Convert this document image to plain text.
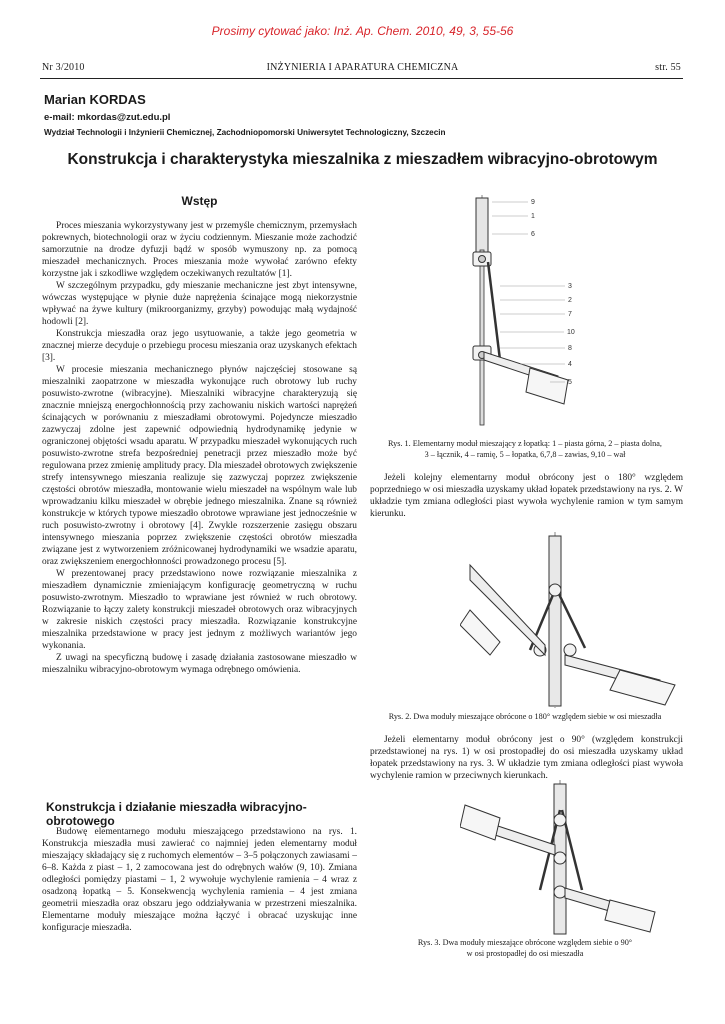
Prosimy cytować jako: Inż. Ap. Chem. 2010, 49, 3, 55-56
Nr 3/2010	INŻYNIERIA I APARATURA CHEMICZNA	str. 55
Marian KORDAS
e-mail: mkordas@zut.edu.pl
Wydział Technologii i Inżynierii Chemicznej, Zachodniopomorski Uniwersytet Technologiczny, Szczecin
Konstrukcja i charakterystyka mieszalnika z mieszadłem wibracyjno-obrotowym
Wstęp

Proces mieszania wykorzystywany jest w przemyśle chemicznym, przemysłach pokrewnych, biotechnologii oraz w życiu codziennym. Mieszanie może zachodzić samorzutnie na drodze dyfuzji bądź w sposób wymuszony np. za pomocą mieszadeł mechanicznych. Proces mieszania może wywołać zarówno efekty korzystne jak i szkodliwe względem oczekiwanych rezultatów [1].

W szczególnym przypadku, gdy mieszanie mechaniczne jest zbyt intensywne, wówczas występujące w płynie duże naprężenia ścinające mogą niekorzystnie wpływać na żywe kultury (mikroorganizmy, grzyby) powodując małą wydajność hodowli [2].

Konstrukcja mieszadła oraz jego usytuowanie, a także jego geometria w znacznej mierze decyduje o przebiegu procesu mieszania oraz uzyskanych efektach [3].

W procesie mieszania mechanicznego płynów najczęściej stosowane są mieszalniki zaopatrzone w mieszadła wykonujące ruch obrotowy lub ruchy posuwisto-zwrotne (wibracyjne). Mieszalniki wibracyjne charakteryzują się znacznie mniejszą energochłonnością przy zachowaniu niskich wartości naprężeń ścinających w porównaniu z mieszadłami obrotowymi. Pojedyncze mieszadło zazwyczaj zdolne jest zapewnić odpowiednią hydrodynamikę jedynie w ograniczonej objętości wsadu aparatu. W przypadku mieszadeł wykonujących ruch posuwisto-zwrotne strefa bezpośredniej penetracji przez mieszadło może być regulowana przez zmienię amplitudy pracy. Dla mieszadeł obrotowych zwiększenie strefy intensywnego mieszania realizuje się zazwyczaj poprzez zwiększenie częstości obrotów mieszadła, montowanie wielu mieszadeł na wspólnym wale lub wprowadzaniu kilku mieszadeł w obrębie jednego mieszalnika. Znane są również konstrukcje w których typowe mieszadło obrotowe wprawiane jest jednocześnie w ruch posuwisto-zwrotny i obrotowy [4]. Zwykle rozszerzenie zasięgu obszaru intensywnego mieszania poprzez zwiększenie częstości obrotów mieszadła związane jest z wytworzeniem zróżnicowanej hydrodynamiki we wsadzie aparatu, oraz zwiększeniem energochłonności prowadzonego procesu [5].

W prezentowanej pracy przedstawiono nowe rozwiązanie mieszalnika z mieszadłem dynamicznie zmieniającym konfigurację geometryczną w ruchu posuwisto-zwrotnym. Mieszadło to wprawiane jest również w ruch obrotowy. Rozwiązanie to łączy zalety konstrukcji mieszadeł obrotowych oraz wibracyjnych w zakresie niskich częstości pracy mieszadła. Rozwiązanie konstrukcyjne mieszalnika przedstawione w pracy jest jednym z możliwych wariantów jego wykonania.

Z uwagi na specyficzną budowę i zasadę działania zastosowane mieszadło w mieszalniku wibracyjno-obrotowym wymaga odrębnego omówienia.

Konstrukcja i działanie mieszadła wibracyjno-obrotowego

Budowę elementarnego modułu mieszającego przedstawiono na rys. 1. Konstrukcja mieszadła musi zawierać co najmniej jeden elementarny moduł mieszający składający się z ruchomych elementów – 3–5 połączonych zawiasami – 6–8. Każda z piast – 1, 2 zamocowana jest do odrębnych wałów (9, 10). Zmiana odległości pomiędzy piastami – 1, 2 wywołuje wychylenie ramienia – 4 wraz z osadzoną łopatką – 5. Konsekwencją wychylenia ramienia – 4 jest zmiana geometrii mieszadła oraz obszaru jego oddziaływania w przestrzeni mieszalnika. Elementarne moduły mieszające można łączyć i obracać uzyskując inne konfiguracje mieszadła.

9
1
6
3
2
7
10
8
4
5
Rys. 1. Elementarny moduł mieszający z łopatką: 1 – piasta górna, 2 – piasta dolna,
3 – łącznik, 4 – ramię, 5 – łopatka, 6,7,8 – zawias, 9,10 – wał

Jeżeli kolejny elementarny moduł obrócony jest o 180° względem poprzedniego w osi mieszadła uzyskamy układ łopatek przedstawiony na rys. 2. W układzie tym zmiana odległości piast wywoła wychylenie ramion w tym samym kierunku.

Rys. 2. Dwa moduły mieszające obrócone o 180° względem siebie w osi mieszadła

Jeżeli elementarny moduł obrócony jest o 90° (względem konstrukcji przedstawionej na rys. 1) w osi prostopadłej do osi mieszadła uzyskamy układ łopatek przedstawiony na rys. 3. W układzie tym zmiana odległości piast wywoła wychylenie ramion w przeciwnych kierunkach.

Rys. 3. Dwa moduły mieszające obrócone względem siebie o 90°
w osi prostopadłej do osi mieszadła
